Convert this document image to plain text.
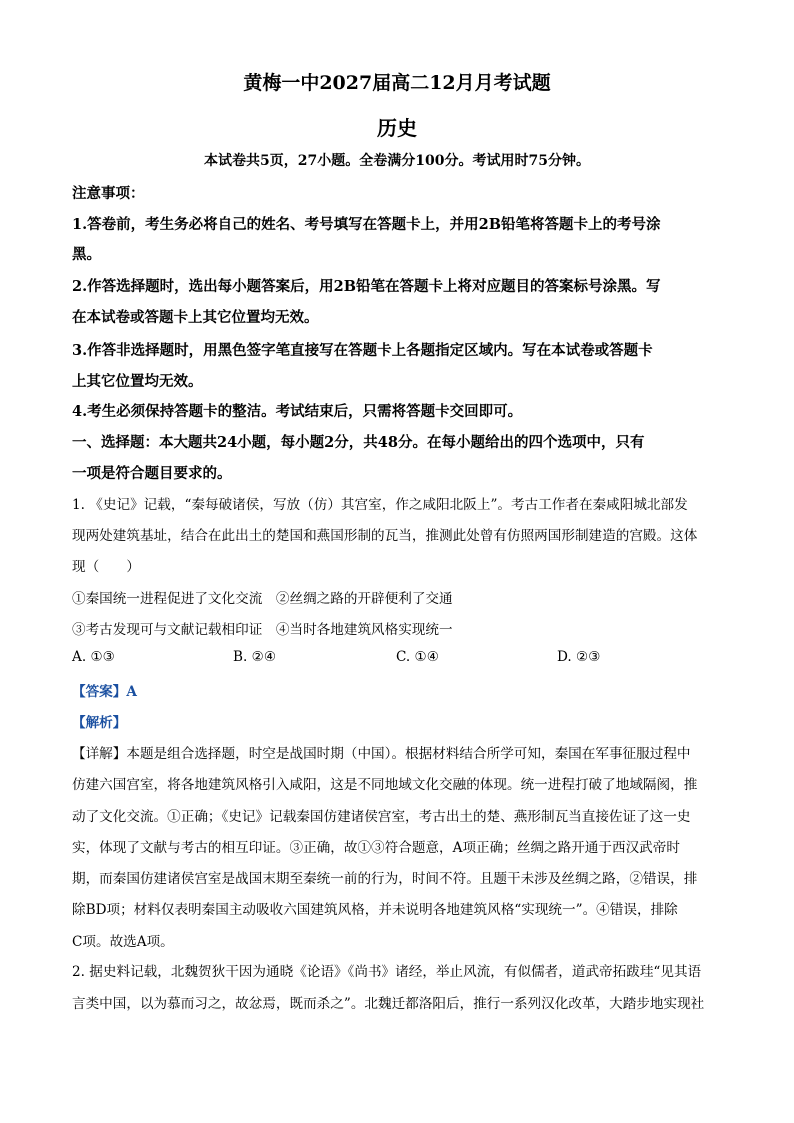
黄梅一中2027届高二12月月考试题
历史
本试卷共5页，27小题。全卷满分100分。考试用时75分钟。
注意事项：
1.答卷前，考生务必将自己的姓名、考号填写在答题卡上，并用2B铅笔将答题卡上的考号涂
黑。
2.作答选择题时，选出每小题答案后，用2B铅笔在答题卡上将对应题目的答案标号涂黑。写
在本试卷或答题卡上其它位置均无效。
3.作答非选择题时，用黑色签字笔直接写在答题卡上各题指定区域内。写在本试卷或答题卡
上其它位置均无效。
4.考生必须保持答题卡的整洁。考试结束后，只需将答题卡交回即可。
一、选择题：本大题共24小题，每小题2分，共48分。在每小题给出的四个选项中，只有
一项是符合题目要求的。
1. 《史记》记载，“秦每破诸侯，写放（仿）其宫室，作之咸阳北阪上”。考古工作者在秦咸阳城北部发
现两处建筑基址，结合在此出土的楚国和燕国形制的瓦当，推测此处曾有仿照两国形制建造的宫殿。这体
现（　　）
①秦国统一进程促进了文化交流　②丝绸之路的开辟便利了交通
③考古发现可与文献记载相印证　④当时各地建筑风格实现统一
A. ①③	B. ②④	C. ①④	D. ②③
【答案】A
【解析】
【详解】本题是组合选择题，时空是战国时期（中国）。根据材料结合所学可知，秦国在军事征服过程中
仿建六国宫室，将各地建筑风格引入咸阳，这是不同地域文化交融的体现。统一进程打破了地域隔阂，推
动了文化交流。①正确；《史记》记载秦国仿建诸侯宫室，考古出土的楚、燕形制瓦当直接佐证了这一史
实，体现了文献与考古的相互印证。③正确，故①③符合题意，A项正确；丝绸之路开通于西汉武帝时
期，而秦国仿建诸侯宫室是战国末期至秦统一前的行为，时间不符。且题干未涉及丝绸之路，②错误，排
除BD项；材料仅表明秦国主动吸收六国建筑风格，并未说明各地建筑风格“实现统一”。④错误，排除
C项。故选A项。
2. 据史料记载，北魏贺狄干因为通晓《论语》《尚书》诸经，举止风流，有似儒者，道武帝拓跋珪“见其语
言类中国，以为慕而习之，故忿焉，既而杀之”。北魏迁都洛阳后，推行一系列汉化改革，大踏步地实现社
